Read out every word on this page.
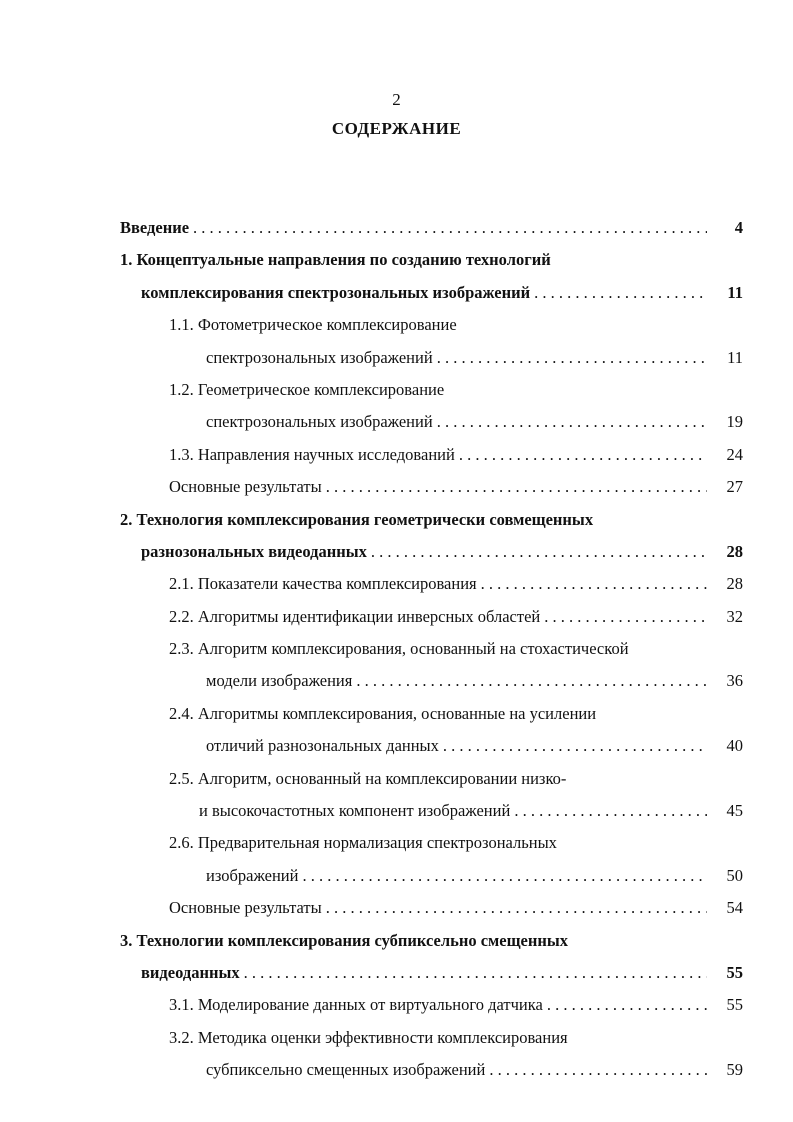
2
СОДЕРЖАНИЕ
Введение . . .	4
1. Концептуальные направления по созданию технологий
комплексирования спектрозональных изображений . . .	11
1.1. Фотометрическое комплексирование
спектрозональных изображений . . .	11
1.2. Геометрическое комплексирование
спектрозональных изображений . . .	19
1.3. Направления научных исследований . . .	24
Основные результаты . . .	27
2. Технология комплексирования геометрически совмещенных
разнозональных видеоданных . . .	28
2.1. Показатели качества комплексирования . . .	28
2.2. Алгоритмы идентификации инверсных областей . . .	32
2.3. Алгоритм комплексирования, основанный на стохастической
модели изображения . . .	36
2.4. Алгоритмы комплексирования, основанные на усилении
отличий разнозональных данных . . .	40
2.5. Алгоритм, основанный на комплексировании низко-
и высокочастотных компонент изображений . . .	45
2.6. Предварительная нормализация спектрозональных
изображений . . .	50
Основные результаты . . .	54
3. Технологии комплексирования субпиксельно смещенных
видеоданных . . .	55
3.1. Моделирование данных от виртуального датчика . . .	55
3.2. Методика оценки эффективности комплексирования
субпиксельно смещенных изображений . . .	59
